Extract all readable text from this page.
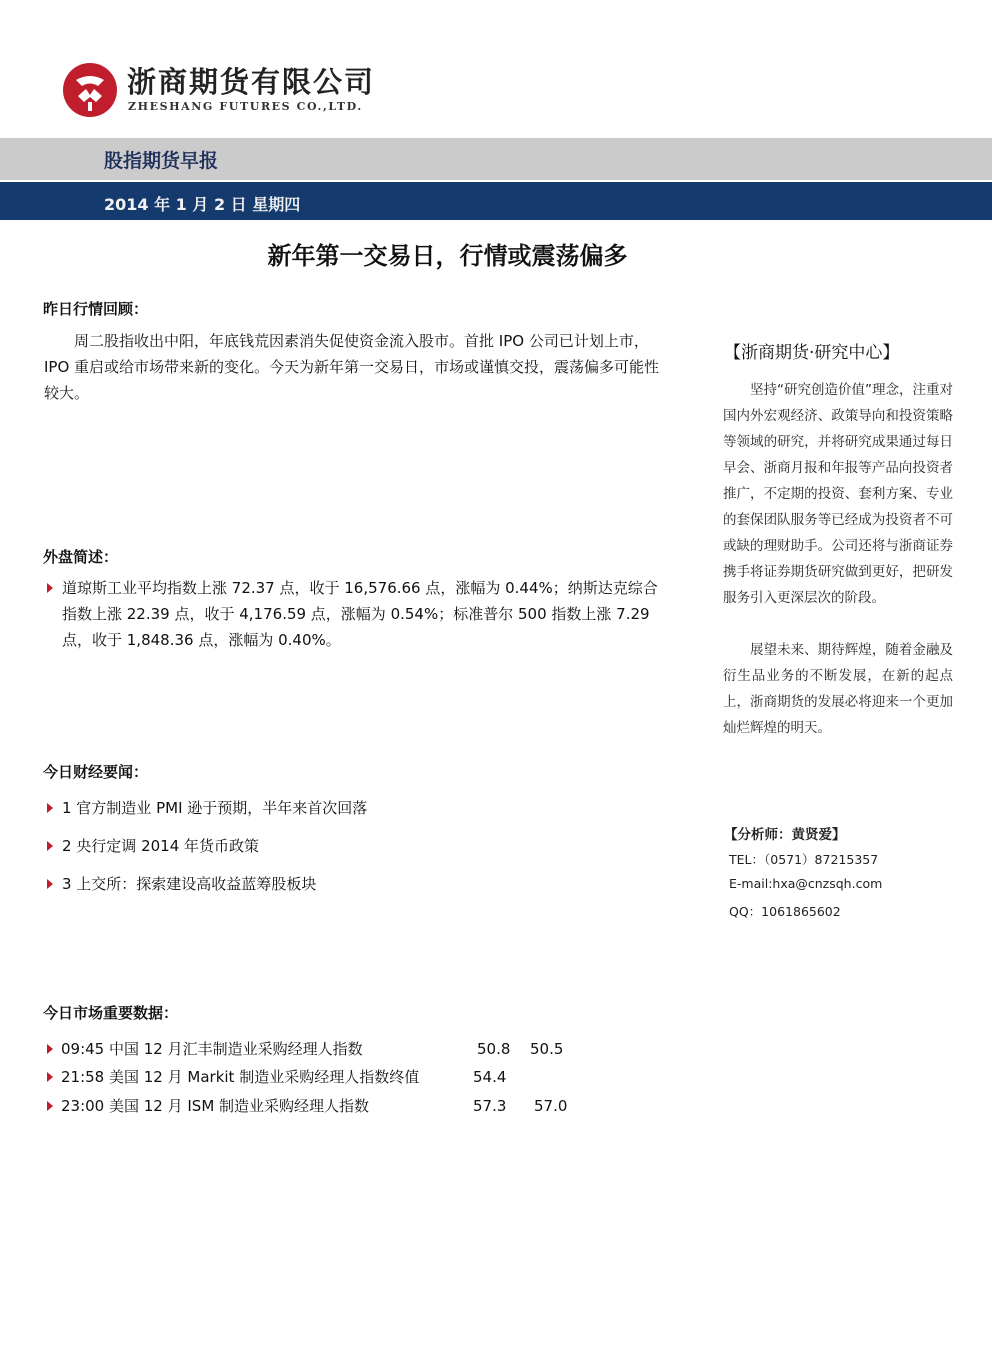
浙商期货有限公司
ZHESHANG FUTURES CO.,LTD.
股指期货早报
2014 年 1 月 2 日 星期四
新年第一交易日，行情或震荡偏多
昨日行情回顾：

周二股指收出中阳，年底钱荒因素消失促使资金流入股市。首批 IPO 公司已计划上市，IPO 重启或给市场带来新的变化。今天为新年第一交易日，市场或谨慎交投，震荡偏多可能性较大。

外盘简述：
道琼斯工业平均指数上涨 72.37 点，收于 16,576.66 点，涨幅为 0.44%；纳斯达克综合指数上涨 22.39 点，收于 4,176.59 点，涨幅为 0.54%；标准普尔 500 指数上涨 7.29 点，收于 1,848.36 点，涨幅为 0.40%。
今日财经要闻：
1 官方制造业 PMI 逊于预期，半年来首次回落
2 央行定调 2014 年货币政策
3 上交所：探索建设高收益蓝筹股板块
今日市场重要数据：
09:45 中国 12 月汇丰制造业采购经理人指数	50.8 50.5
21:58 美国 12 月 Markit 制造业采购经理人指数终值	54.4
23:00 美国 12 月 ISM 制造业采购经理人指数	57.3 57.0
【浙商期货·研究中心】

坚持“研究创造价值”理念，注重对国内外宏观经济、政策导向和投资策略等领域的研究，并将研究成果通过每日早会、浙商月报和年报等产品向投资者推广，不定期的投资、套利方案、专业的套保团队服务等已经成为投资者不可或缺的理财助手。公司还将与浙商证券携手将证券期货研究做到更好，把研发服务引入更深层次的阶段。

展望未来、期待辉煌，随着金融及衍生品业务的不断发展，在新的起点上，浙商期货的发展必将迎来一个更加灿烂辉煌的明天。

【分析师：黄贤爱】
TEL：（0571）87215357
E-mail:hxa@cnzsqh.com
QQ：1061865602
